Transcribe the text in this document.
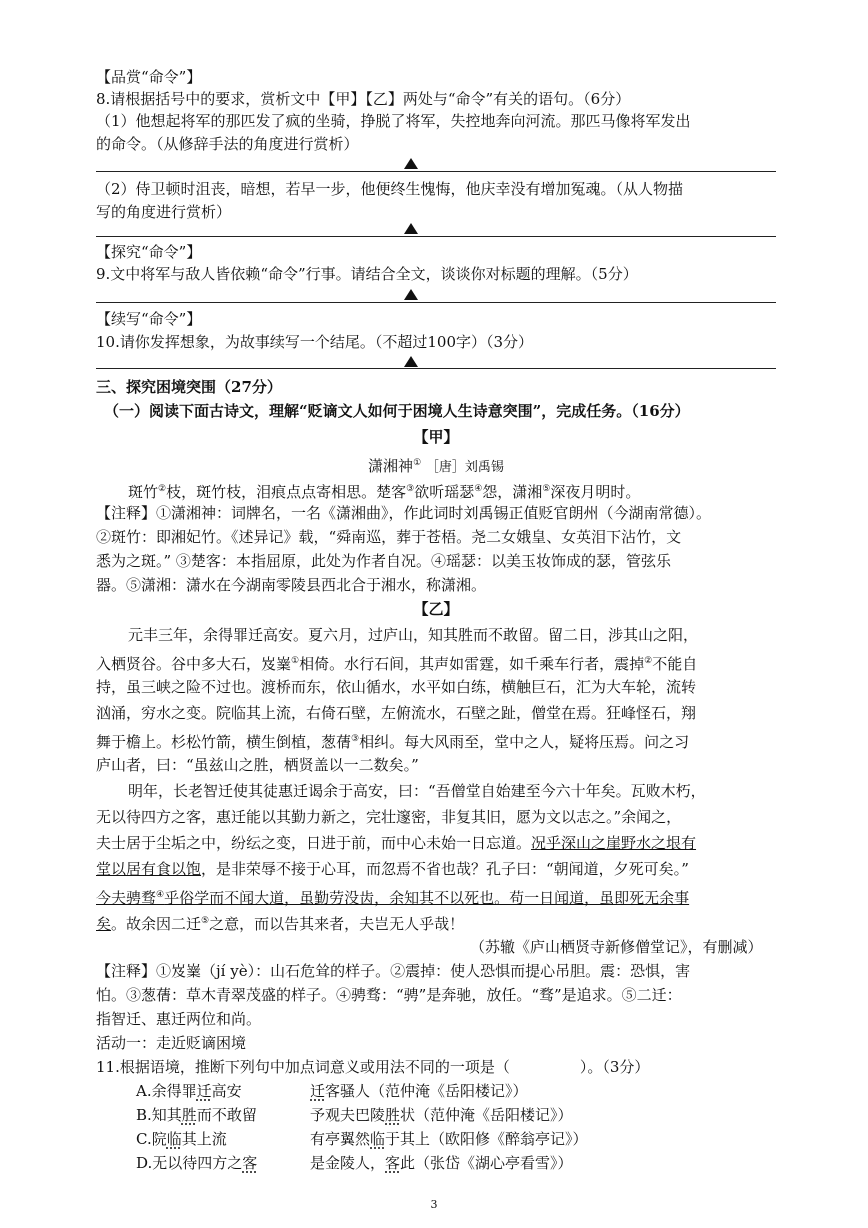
【品赏“命令”】
8.请根据括号中的要求，赏析文中【甲】【乙】两处与“命令”有关的语句。（6分）
（1）他想起将军的那匹发了疯的坐骑，挣脱了将军，失控地奔向河流。那匹马像将军发出
的命令。（从修辞手法的角度进行赏析）
（2）侍卫顿时沮丧，暗想，若早一步，他便终生愧悔，他庆幸没有增加冤魂。（从人物描
写的角度进行赏析）
【探究“命令”】
9.文中将军与敌人皆依赖“命令”行事。请结合全文，谈谈你对标题的理解。（5分）
【续写“命令”】
10.请你发挥想象，为故事续写一个结尾。（不超过100字）（3分）
三、探究困境突围（27分）
（一）阅读下面古诗文，理解“贬谪文人如何于困境人生诗意突围”，完成任务。（16分）
【甲】
潇湘神① ［唐］刘禹锡
斑竹②枝，斑竹枝，泪痕点点寄相思。楚客③欲听瑶瑟④怨，潇湘⑤深夜月明时。
【注释】①潇湘神：词牌名，一名《潇湘曲》，作此词时刘禹锡正值贬官朗州（今湖南常德）。
②斑竹：即湘妃竹。《述异记》载，“舜南巡，葬于苍梧。尧二女娥皇、女英泪下沾竹，文
悉为之斑。” ③楚客：本指屈原，此处为作者自况。④瑶瑟：以美玉妆饰成的瑟，管弦乐
器。⑤潇湘：潇水在今湖南零陵县西北合于湘水，称潇湘。
【乙】
元丰三年，余得罪迁高安。夏六月，过庐山，知其胜而不敢留。留二日，涉其山之阳，
入栖贤谷。谷中多大石，岌嶪①相倚。水行石间，其声如雷霆，如千乘车行者，震掉②不能自
持，虽三峡之险不过也。渡桥而东，依山循水，水平如白练，横触巨石，汇为大车轮，流转
汹涌，穷水之变。院临其上流，右倚石壁，左俯流水，石壁之趾，僧堂在焉。狂峰怪石，翔
舞于檐上。杉松竹箭，横生倒植，葱蒨③相纠。每大风雨至，堂中之人，疑将压焉。问之习
庐山者，曰：“虽兹山之胜，栖贤盖以一二数矣。”
明年，长老智迁使其徒惠迁谒余于高安，曰：“吾僧堂自始建至今六十年矣。瓦败木朽，
无以待四方之客，惠迁能以其勤力新之，完壮邃密，非复其旧，愿为文以志之。”余闻之，
夫士居于尘垢之中，纷纭之变，日进于前，而中心未始一日忘道。况乎深山之崖野水之垠有
堂以居有食以饱，是非荣辱不接于心耳，而忽焉不省也哉？孔子曰：“朝闻道，夕死可矣。”
今夫骋骛④乎俗学而不闻大道，虽勤劳没齿，余知其不以死也。苟一日闻道，虽即死无余事
矣。故余因二迁⑤之意，而以告其来者，夫岂无人乎哉！
（苏辙《庐山栖贤寺新修僧堂记》，有删减）
【注释】①岌嶪（jí yè）：山石危耸的样子。②震掉：使人恐惧而提心吊胆。震：恐惧，害
怕。③葱蒨：草木青翠茂盛的样子。④骋骛：“骋”是奔驰，放任。“骛”是追求。⑤二迁：
指智迁、惠迁两位和尚。
活动一：走近贬谪困境
11.根据语境，推断下列句中加点词意义或用法不同的一项是（	）。（3分）
A.余得罪迁高安	迁客骚人（范仲淹《岳阳楼记》）
B.知其胜而不敢留	予观夫巴陵胜状（范仲淹《岳阳楼记》）
C.院临其上流	有亭翼然临于其上（欧阳修《醉翁亭记》）
D.无以待四方之客	是金陵人，客此（张岱《湖心亭看雪》）
3
